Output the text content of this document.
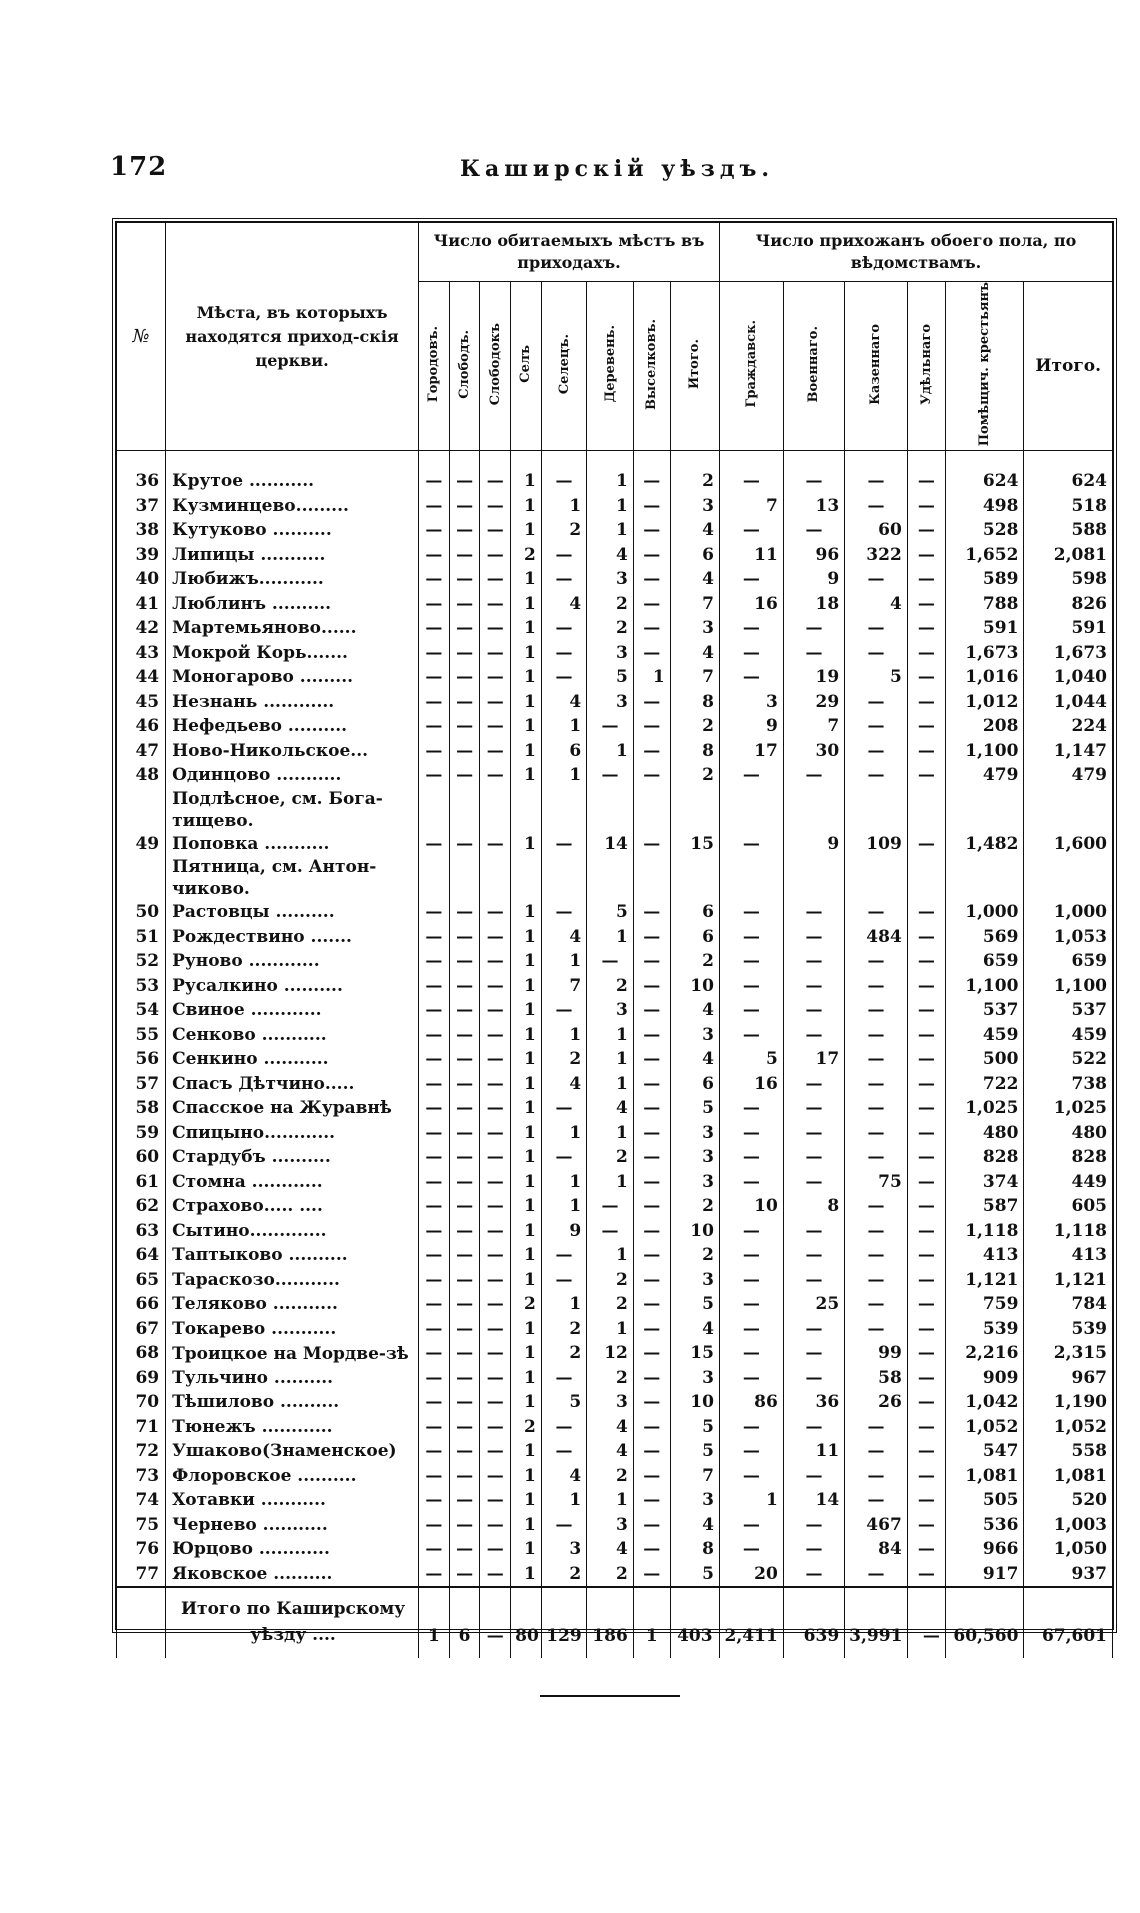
172	Каширскій уѣздъ.
№	Мѣста, въ которыхъ находятся приход-скія церкви.	Число обитаемыхъ мѣстъ въ приходахъ.								Число прихожанъ обоего пола, по вѣдомствамъ.					
		Городовъ.	Слободъ.	Слободокъ	Селъ	Селецъ.	Деревень.	Выселковъ.	Итого.	Граждавск.	Военнаго.	Казеннаго	Удѣльнаго	Помѣщич. крестьянъ	Итого.
36	Крутое ...........	—	—	—	1	—	1	—	2	—	—	—	—	624	624
37	Кузминцево.........	—	—	—	1	1	1	—	3	7	13	—	—	498	518
38	Кутуково ..........	—	—	—	1	2	1	—	4	—	—	60	—	528	588
39	Липицы ...........	—	—	—	2	—	4	—	6	11	96	322	—	1,652	2,081
40	Любижъ...........	—	—	—	1	—	3	—	4	—	9	—	—	589	598
41	Люблинъ ..........	—	—	—	1	4	2	—	7	16	18	4	—	788	826
42	Мартемьяново......	—	—	—	1	—	2	—	3	—	—	—	—	591	591
43	Мокрой Корь.......	—	—	—	1	—	3	—	4	—	—	—	—	1,673	1,673
44	Моногарово .........	—	—	—	1	—	5	1	7	—	19	5	—	1,016	1,040
45	Незнань ............	—	—	—	1	4	3	—	8	3	29	—	—	1,012	1,044
46	Нефедьево ..........	—	—	—	1	1	—	—	2	9	7	—	—	208	224
47	Ново-Никольское...	—	—	—	1	6	1	—	8	17	30	—	—	1,100	1,147
48	Одинцово ...........	—	—	—	1	1	—	—	2	—	—	—	—	479	479
	Подлѣсное, см. Бога-тищево.														
49	Поповка ...........	—	—	—	1	—	14	—	15	—	9	109	—	1,482	1,600
	Пятница, см. Антон-чиково.														
50	Растовцы ..........	—	—	—	1	—	5	—	6	—	—	—	—	1,000	1,000
51	Рождествино .......	—	—	—	1	4	1	—	6	—	—	484	—	569	1,053
52	Руново ............	—	—	—	1	1	—	—	2	—	—	—	—	659	659
53	Русалкино ..........	—	—	—	1	7	2	—	10	—	—	—	—	1,100	1,100
54	Свиное ............	—	—	—	1	—	3	—	4	—	—	—	—	537	537
55	Сенково ...........	—	—	—	1	1	1	—	3	—	—	—	—	459	459
56	Сенкино ...........	—	—	—	1	2	1	—	4	5	17	—	—	500	522
57	Спасъ Дѣтчино.....	—	—	—	1	4	1	—	6	16	—	—	—	722	738
58	Спасское на Журавнѣ	—	—	—	1	—	4	—	5	—	—	—	—	1,025	1,025
59	Спицыно............	—	—	—	1	1	1	—	3	—	—	—	—	480	480
60	Стардубъ ..........	—	—	—	1	—	2	—	3	—	—	—	—	828	828
61	Стомна ............	—	—	—	1	1	1	—	3	—	—	75	—	374	449
62	Страхово..... ....	—	—	—	1	1	—	—	2	10	8	—	—	587	605
63	Сытино.............	—	—	—	1	9	—	—	10	—	—	—	—	1,118	1,118
64	Таптыково ..........	—	—	—	1	—	1	—	2	—	—	—	—	413	413
65	Тараскозо...........	—	—	—	1	—	2	—	3	—	—	—	—	1,121	1,121
66	Теляково ...........	—	—	—	2	1	2	—	5	—	25	—	—	759	784
67	Токарево ...........	—	—	—	1	2	1	—	4	—	—	—	—	539	539
68	Троицкое на Мордве-зѣ	—	—	—	1	2	12	—	15	—	—	99	—	2,216	2,315
69	Тульчино ..........	—	—	—	1	—	2	—	3	—	—	58	—	909	967
70	Тѣшилово ..........	—	—	—	1	5	3	—	10	86	36	26	—	1,042	1,190
71	Тюнежъ ............	—	—	—	2	—	4	—	5	—	—	—	—	1,052	1,052
72	Ушаково(Знаменское)	—	—	—	1	—	4	—	5	—	11	—	—	547	558
73	Флоровское ..........	—	—	—	1	4	2	—	7	—	—	—	—	1,081	1,081
74	Хотавки ...........	—	—	—	1	1	1	—	3	1	14	—	—	505	520
75	Чернево ...........	—	—	—	1	—	3	—	4	—	—	467	—	536	1,003
76	Юрцово ............	—	—	—	1	3	4	—	8	—	—	84	—	966	1,050
77	Яковское ..........	—	—	—	1	2	2	—	5	20	—	—	—	917	937
	Итого по Каширскому уѣзду ....	1	6	—	80	129	186	1	403	2,411	639	3,991	—	60,560	67,601
